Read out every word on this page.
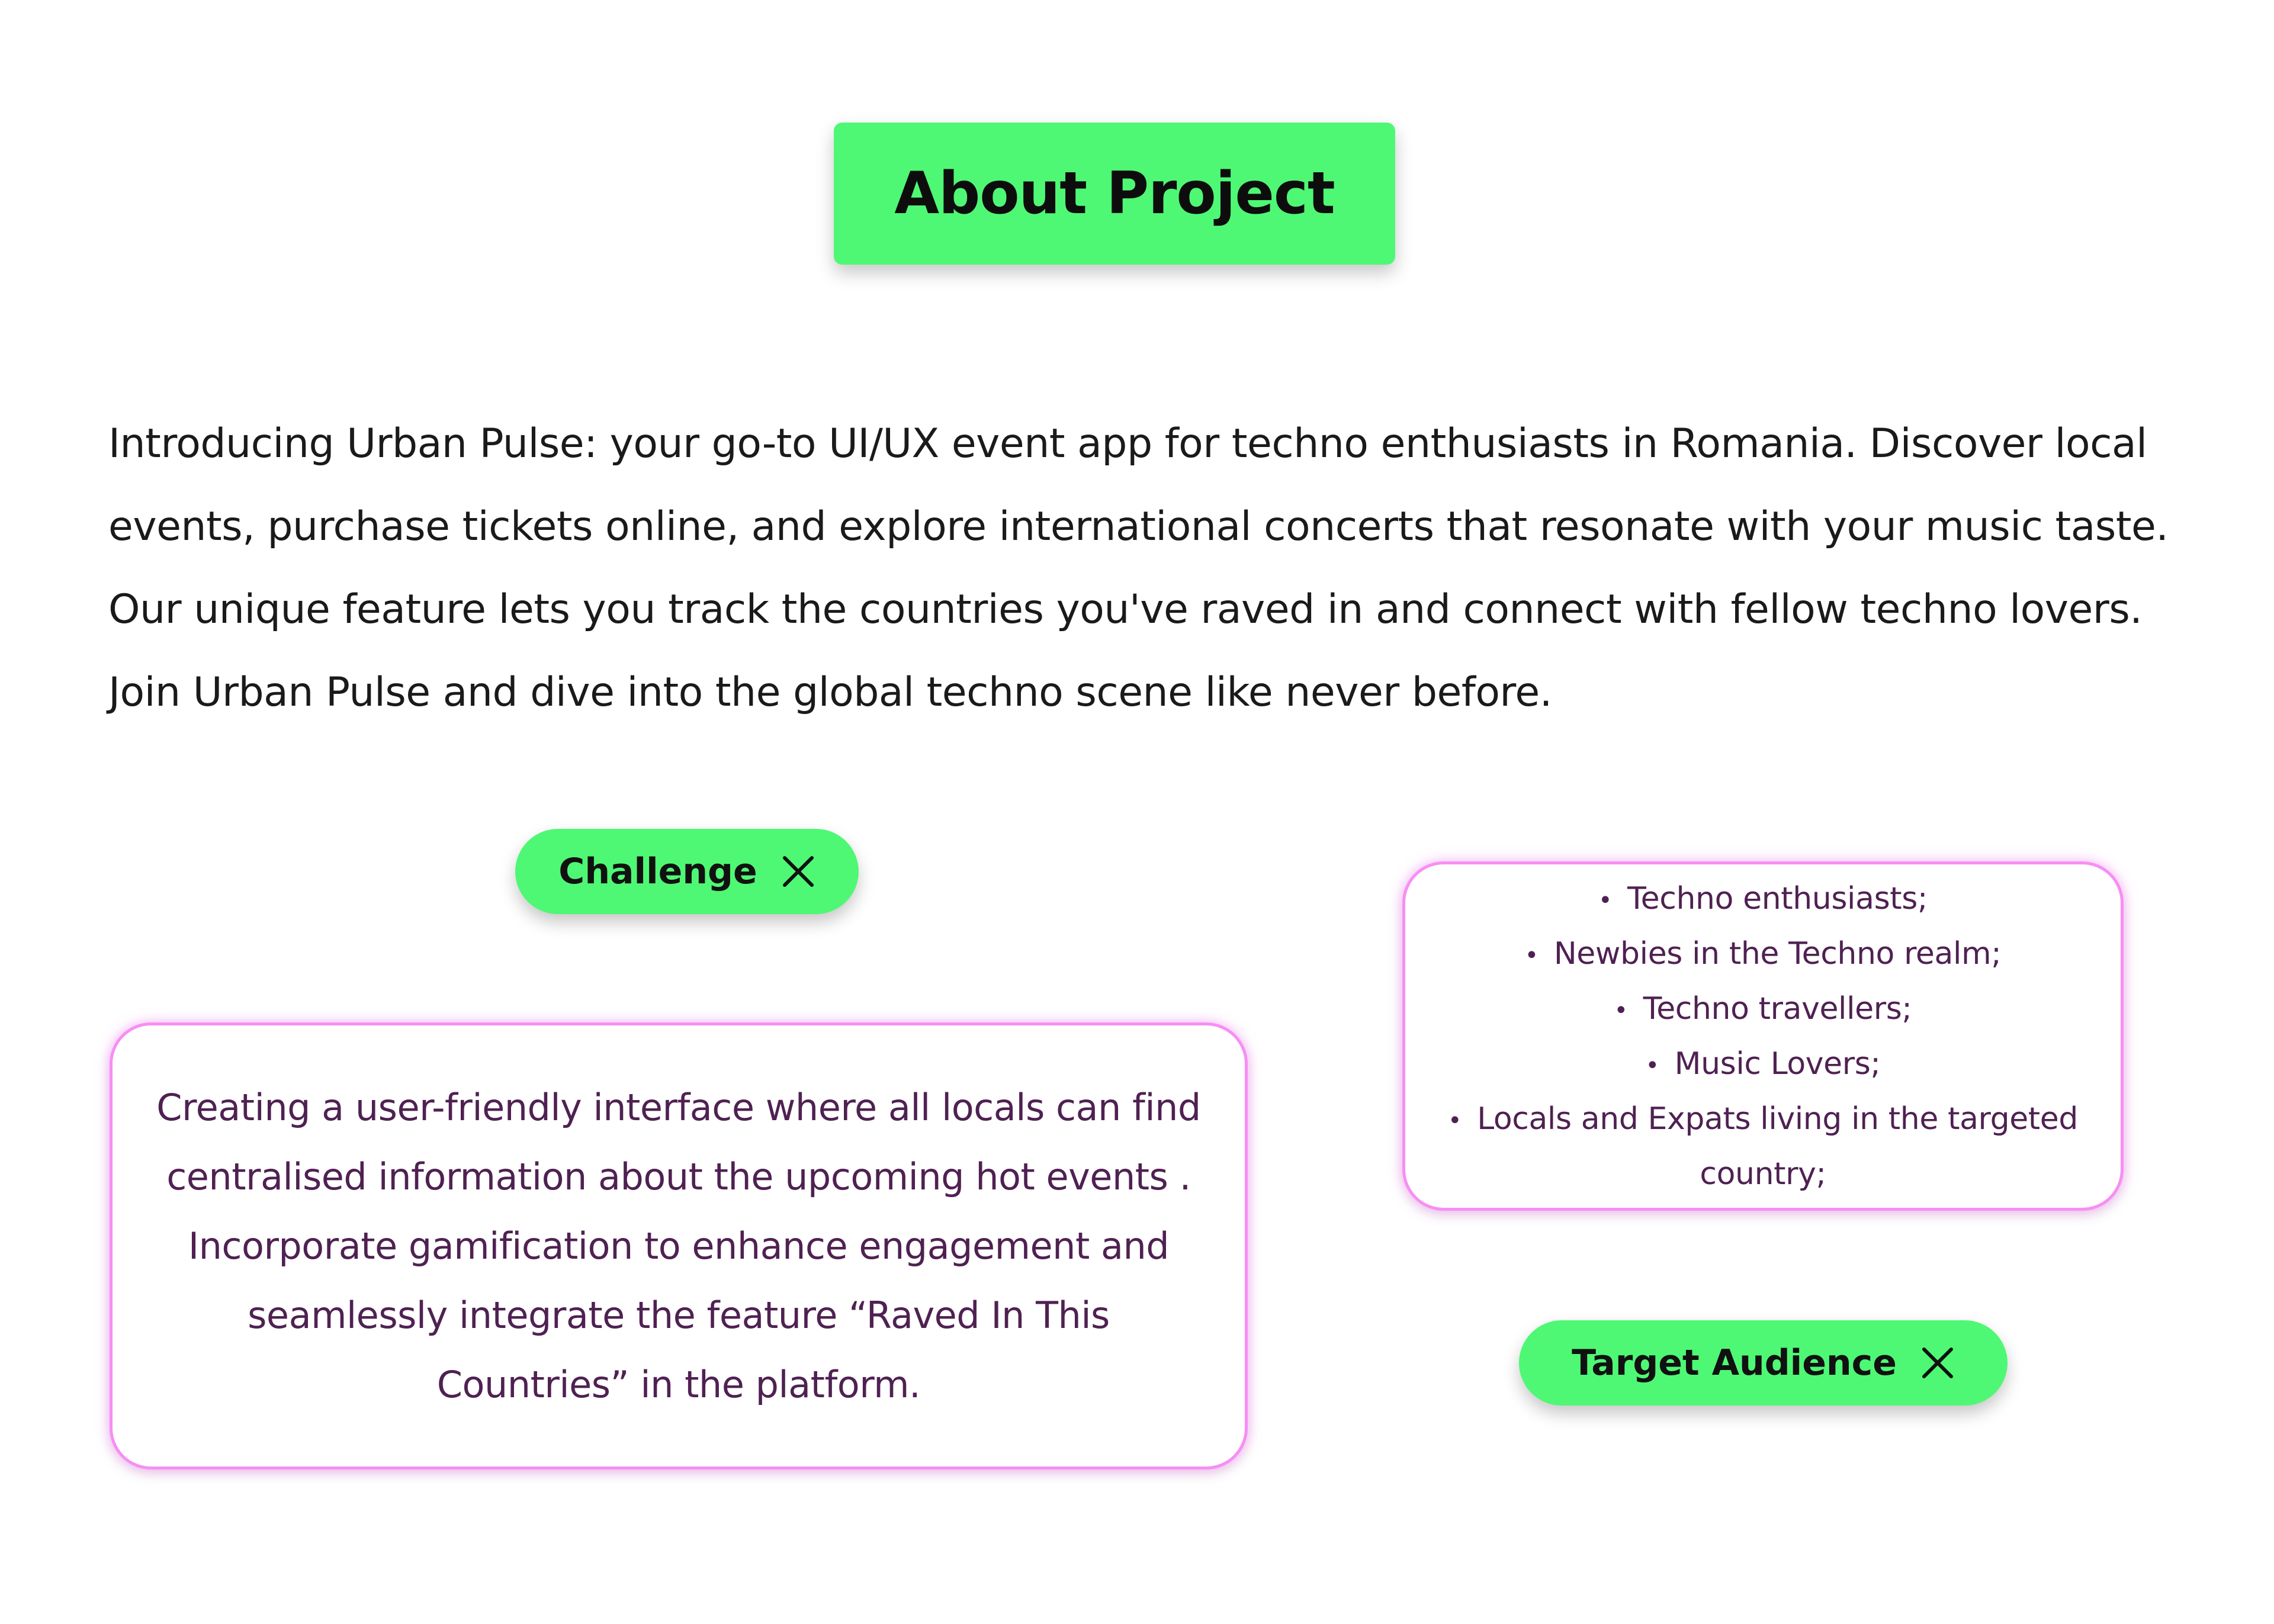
About Project

Introducing Urban Pulse: your go-to UI/UX event app for techno enthusiasts in Romania. Discover local events, purchase tickets online, and explore international concerts that resonate with your music taste. Our unique feature lets you track the countries you've raved in and connect with fellow techno lovers. Join Urban Pulse and dive into the global techno scene like never before.

Challenge

Creating a user-friendly interface where all locals can find centralised information about the upcoming hot events . Incorporate gamification to enhance engagement and seamlessly integrate the feature “Raved In This Countries” in the platform.

• Techno enthusiasts;
• Newbies in the Techno realm;
• Techno travellers;
• Music Lovers;
• Locals and Expats living in the targeted country;
Target Audience
